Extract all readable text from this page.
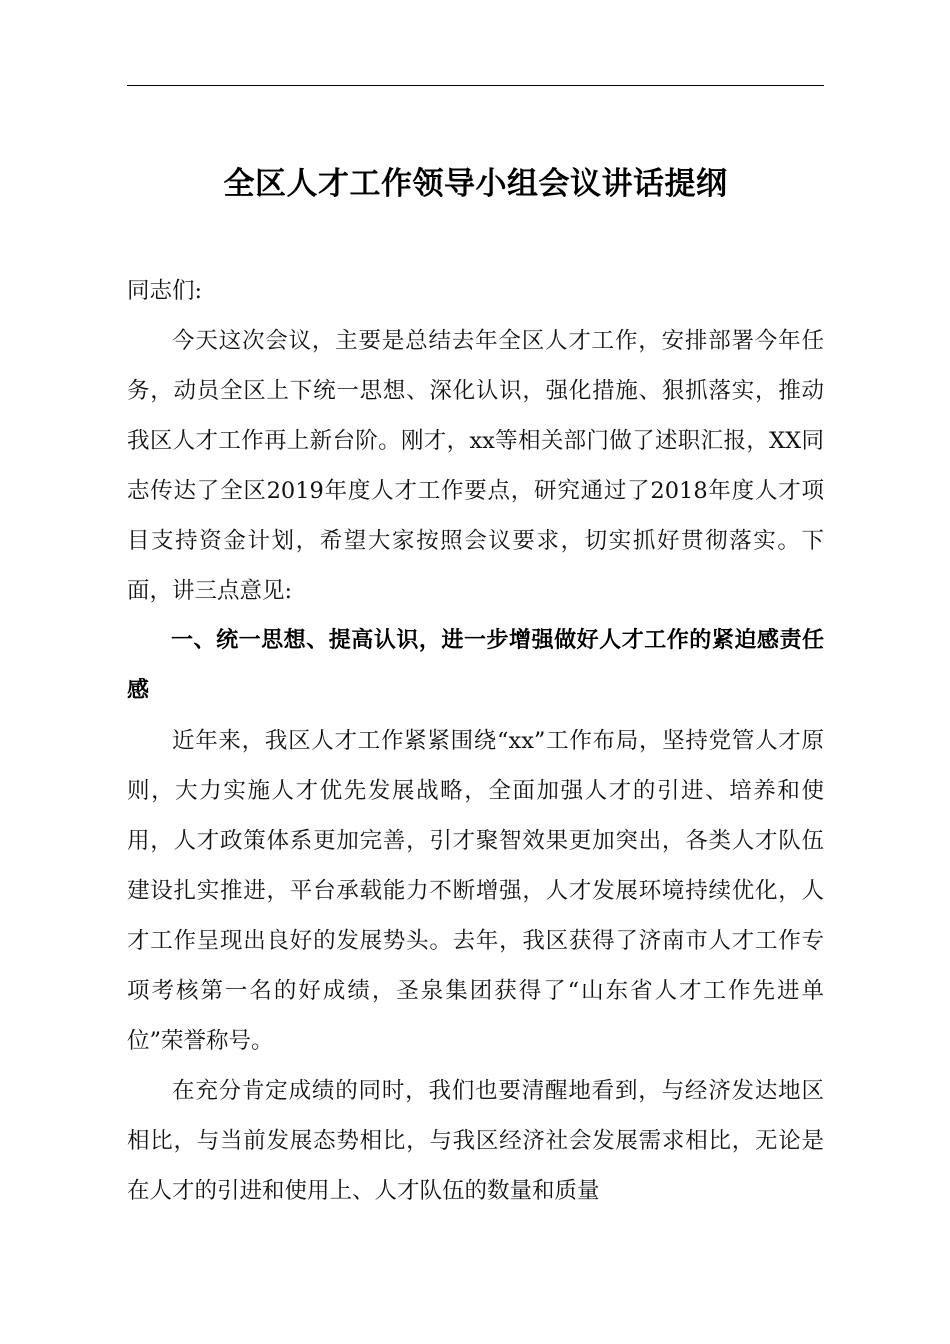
全区人才工作领导小组会议讲话提纲

同志们:

今天这次会议，主要是总结去年全区人才工作，安排部署今年任务，动员全区上下统一思想、深化认识，强化措施、狠抓落实，推动我区人才工作再上新台阶。刚才，xx等相关部门做了述职汇报，XX同志传达了全区2019年度人才工作要点，研究通过了2018年度人才项目支持资金计划，希望大家按照会议要求，切实抓好贯彻落实。下面，讲三点意见:

一、统一思想、提高认识，进一步增强做好人才工作的紧迫感责任感

近年来，我区人才工作紧紧围绕“xx”工作布局，坚持党管人才原则，大力实施人才优先发展战略，全面加强人才的引进、培养和使用，人才政策体系更加完善，引才聚智效果更加突出，各类人才队伍建设扎实推进，平台承载能力不断增强，人才发展环境持续优化，人才工作呈现出良好的发展势头。去年，我区获得了济南市人才工作专项考核第一名的好成绩，圣泉集团获得了“山东省人才工作先进单位”荣誉称号。

在充分肯定成绩的同时，我们也要清醒地看到，与经济发达地区相比，与当前发展态势相比，与我区经济社会发展需求相比，无论是在人才的引进和使用上、人才队伍的数量和质量
